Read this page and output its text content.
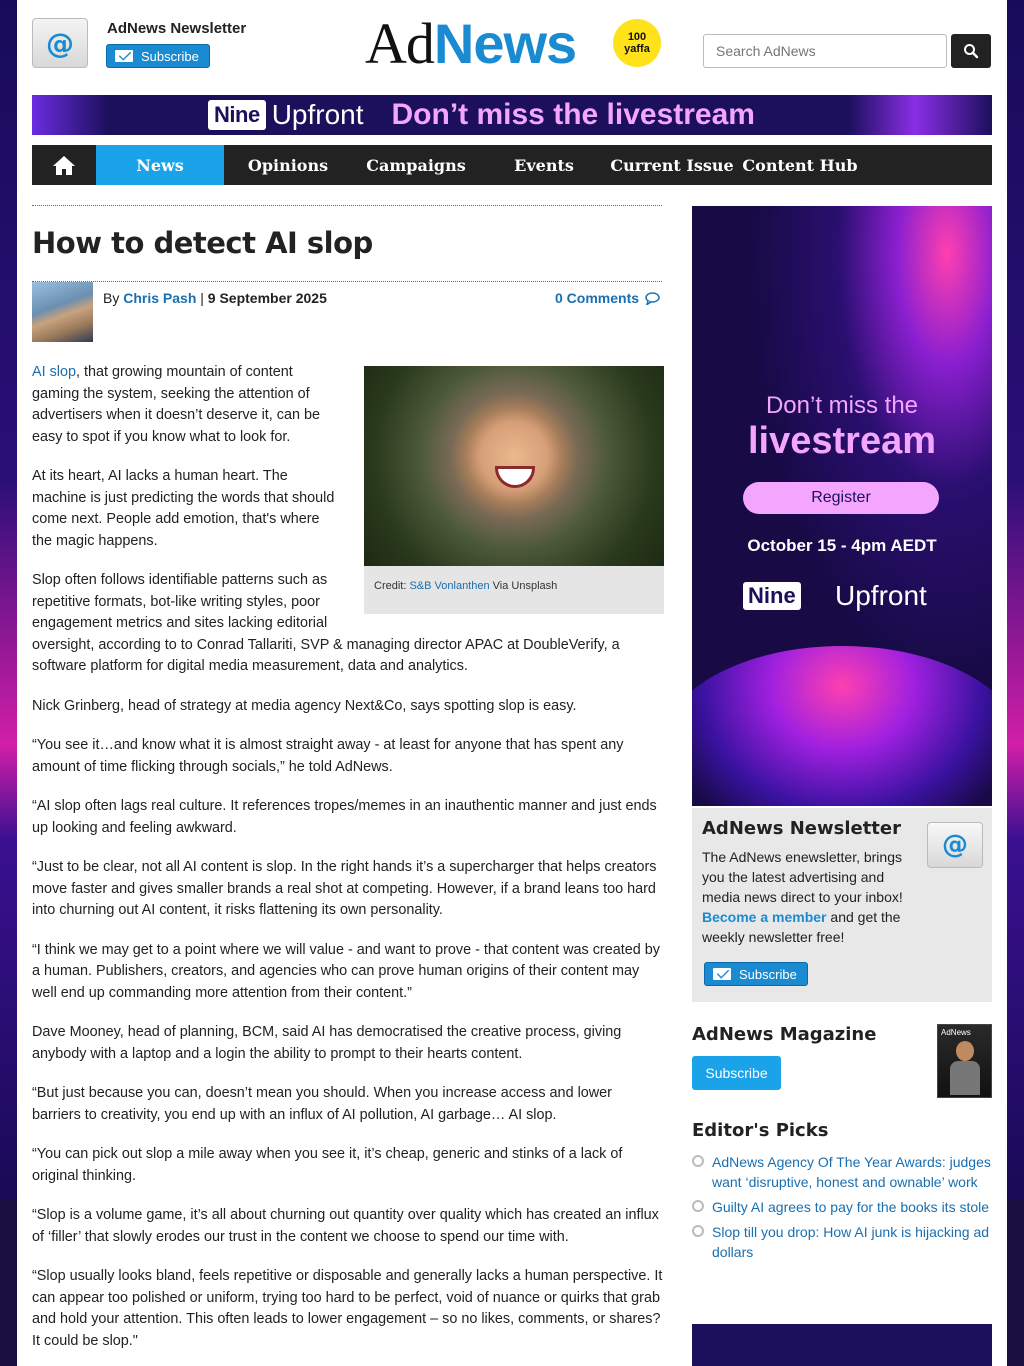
@	AdNews Newsletter
Subscribe	Ad News	100
yaffa
Search AdNews
Nine Upfront Don’t miss the livestream
News	Opinions	Campaigns	Events	Current Issue Content Hub
How to detect AI slop
By Chris Pash | 9 September 2025	0 Comments
Credit: S&B Vonlanthen Via Unsplash

AI slop, that growing mountain of content gaming the system, seeking the attention of advertisers when it doesn’t deserve it, can be easy to spot if you know what to look for.

At its heart, AI lacks a human heart. The machine is just predicting the words that should come next. People add emotion, that's where the magic happens.

Slop often follows identifiable patterns such as repetitive formats, bot-like writing styles, poor engagement metrics and sites lacking editorial oversight, according to to Conrad Tallariti, SVP & managing director APAC at DoubleVerify, a software platform for digital media measurement, data and analytics.

Nick Grinberg, head of strategy at media agency Next&Co, says spotting slop is easy.

“You see it…and know what it is almost straight away - at least for anyone that has spent any amount of time flicking through socials,” he told AdNews.

“AI slop often lags real culture. It references tropes/memes in an inauthentic manner and just ends up looking and feeling awkward.

“Just to be clear, not all AI content is slop. In the right hands it’s a supercharger that helps creators move faster and gives smaller brands a real shot at competing. However, if a brand leans too hard into churning out AI content, it risks flattening its own personality.

“I think we may get to a point where we will value - and want to prove - that content was created by a human. Publishers, creators, and agencies who can prove human origins of their content may well end up commanding more attention from their content.”

Dave Mooney, head of planning, BCM, said AI has democratised the creative process, giving anybody with a laptop and a login the ability to prompt to their hearts content.

“But just because you can, doesn’t mean you should. When you increase access and lower barriers to creativity, you end up with an influx of AI pollution, AI garbage… AI slop.

“You can pick out slop a mile away when you see it, it’s cheap, generic and stinks of a lack of original thinking.

“Slop is a volume game, it’s all about churning out quantity over quality which has created an influx of ‘filler’ that slowly erodes our trust in the content we choose to spend our time with.

“Slop usually looks bland, feels repetitive or disposable and generally lacks a human perspective. It can appear too polished or uniform, trying too hard to be perfect, void of nuance or quirks that grab and hold your attention. This often leads to lower engagement – so no likes, comments, or shares? It could be slop."

Don’t miss the
livestream
Register
October 15 - 4pm AEDT
Nine Upfront
AdNews Newsletter
@
The AdNews enewsletter, brings you the latest advertising and media news direct to your inbox! Become a member and get the weekly newsletter free!
Subscribe
AdNews Magazine
Subscribe
AdNews
Editor's Picks
AdNews Agency Of The Year Awards: judges want ‘disruptive, honest and ownable’ work
Guilty AI agrees to pay for the books its stole
Slop till you drop: How AI junk is hijacking ad dollars
